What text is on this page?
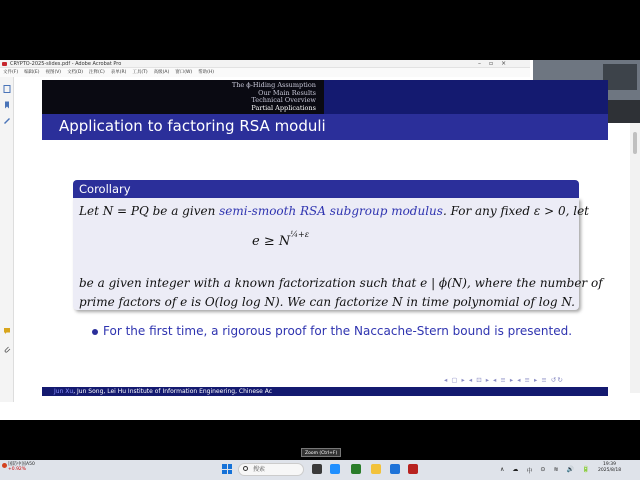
CRYPTO-2025-slides.pdf - Adobe Acrobat Pro	– ▫ ×
文件(F) 编辑(E) 视图(V) 文档(D) 注释(C) 表单(R) 工具(T) 高级(A) 窗口(W) 帮助(H)
The ϕ-Hiding Assumption
Our Main Results
Technical Overview
Partial Applications
Application to factoring RSA moduli
Corollary
Let N = PQ be a given semi-smooth RSA subgroup modulus. For any fixed ε > 0, let
$e \ge N^{\frac{1}{4}+\varepsilon}$
be a given integer with a known factorization such that e | ϕ(N), where the number of
prime factors of e is O(log log N). We can factorize N in time polynomial of log N.
For the first time, a rigorous proof for the Naccache-Stern bound is presented.
◂ ▢ ▸ ◂ ⊡ ▸ ◂ ≡ ▸ ◂ ≡ ▸ ≡ ↺↻
Jun Xu, Jun Song, Lei Hu Institute of Information Engineering, Chinese Ac
Zoom (Ctrl+F)
国防中国A50
+0.92%	搜索	∧ ☁ 中 ⊙ ≋ 🔊 🔋
19:39
2025/8/18
